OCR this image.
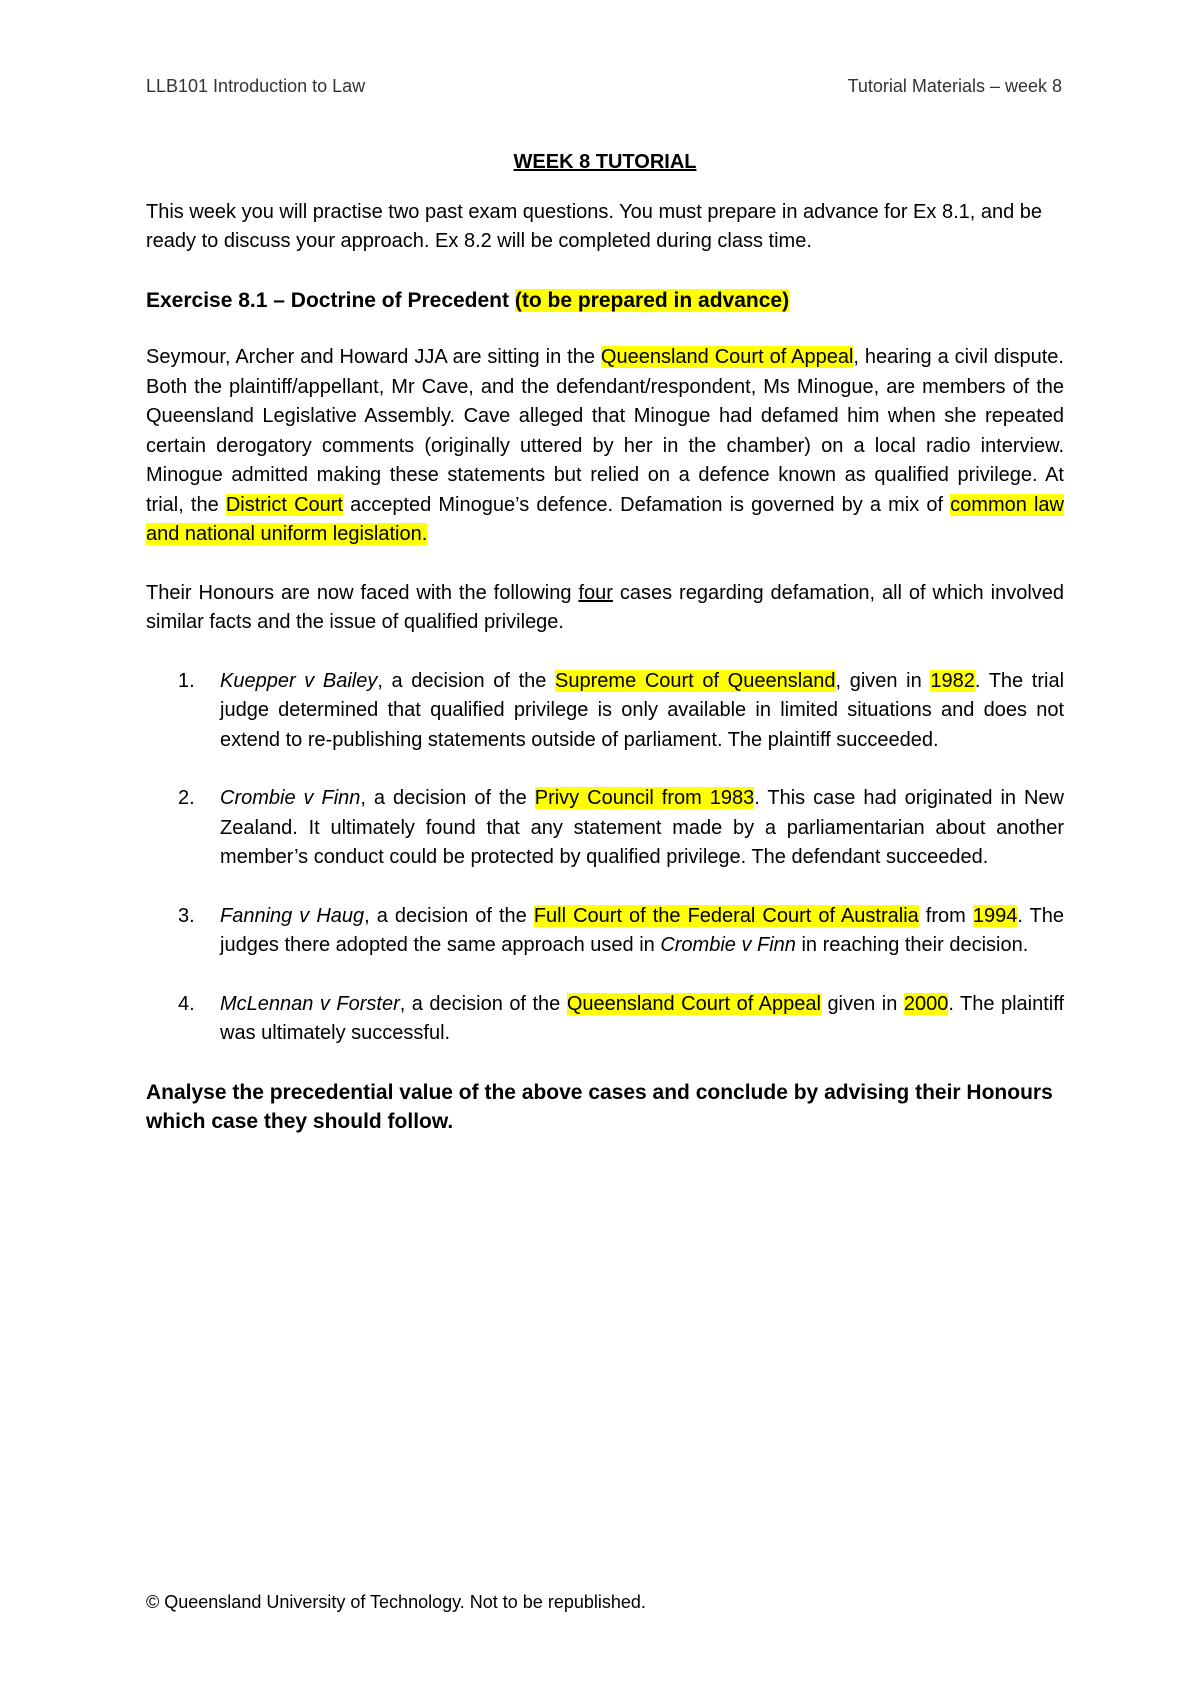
LLB101 Introduction to Law	Tutorial Materials – week 8
WEEK 8 TUTORIAL

This week you will practise two past exam questions. You must prepare in advance for Ex 8.1, and be ready to discuss your approach. Ex 8.2 will be completed during class time.

Exercise 8.1 – Doctrine of Precedent (to be prepared in advance)

Seymour, Archer and Howard JJA are sitting in the Queensland Court of Appeal, hearing a civil dispute. Both the plaintiff/appellant, Mr Cave, and the defendant/respondent, Ms Minogue, are members of the Queensland Legislative Assembly. Cave alleged that Minogue had defamed him when she repeated certain derogatory comments (originally uttered by her in the chamber) on a local radio interview. Minogue admitted making these statements but relied on a defence known as qualified privilege. At trial, the District Court accepted Minogue’s defence. Defamation is governed by a mix of common law and national uniform legislation.

Their Honours are now faced with the following four cases regarding defamation, all of which involved similar facts and the issue of qualified privilege.

1. Kuepper v Bailey, a decision of the Supreme Court of Queensland, given in 1982. The trial judge determined that qualified privilege is only available in limited situations and does not extend to re-publishing statements outside of parliament. The plaintiff succeeded.
2. Crombie v Finn, a decision of the Privy Council from 1983. This case had originated in New Zealand. It ultimately found that any statement made by a parliamentarian about another member’s conduct could be protected by qualified privilege. The defendant succeeded.
3. Fanning v Haug, a decision of the Full Court of the Federal Court of Australia from 1994. The judges there adopted the same approach used in Crombie v Finn in reaching their decision.
4. McLennan v Forster, a decision of the Queensland Court of Appeal given in 2000. The plaintiff was ultimately successful.

Analyse the precedential value of the above cases and conclude by advising their Honours which case they should follow.

© Queensland University of Technology. Not to be republished.
